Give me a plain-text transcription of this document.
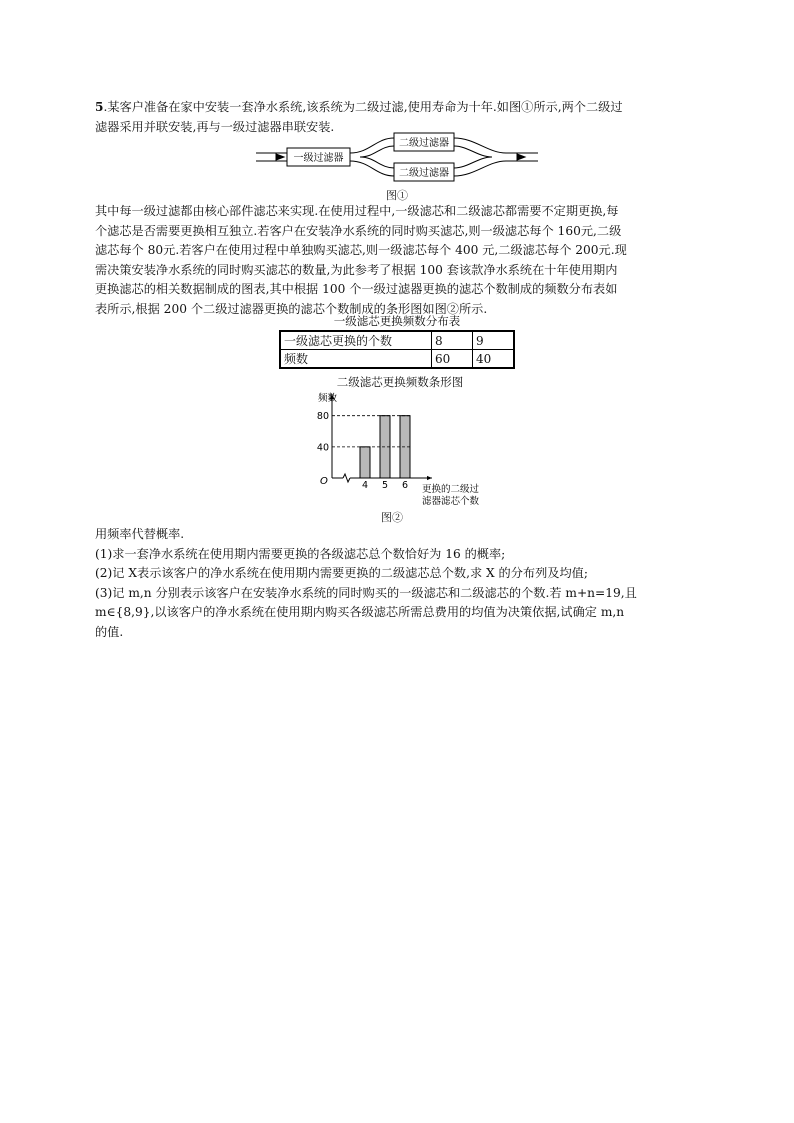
5.某客户准备在家中安装一套净水系统,该系统为二级过滤,使用寿命为十年.如图①所示,两个二级过
滤器采用并联安装,再与一级过滤器串联安装.

一级过滤器
二级过滤器
二级过滤器

图①

其中每一级过滤都由核心部件滤芯来实现.在使用过程中,一级滤芯和二级滤芯都需要不定期更换,每
个滤芯是否需要更换相互独立.若客户在安装净水系统的同时购买滤芯,则一级滤芯每个 160元,二级
滤芯每个 80元.若客户在使用过程中单独购买滤芯,则一级滤芯每个 400 元,二级滤芯每个 200元.现
需决策安装净水系统的同时购买滤芯的数量,为此参考了根据 100 套该款净水系统在十年使用期内
更换滤芯的相关数据制成的图表,其中根据 100 个一级过滤器更换的滤芯个数制成的频数分布表如
表所示,根据 200 个二级过滤器更换的滤芯个数制成的条形图如图②所示.

一级滤芯更换频数分布表

一级滤芯更换的个数	8	9
频数	60	40

二级滤芯更换频数条形图

频数
O
更换的二级过
滤器滤芯个数
4 5 6
40
80

图②

用频率代替概率.
(1)求一套净水系统在使用期内需要更换的各级滤芯总个数恰好为 16 的概率;
(2)记 X表示该客户的净水系统在使用期内需要更换的二级滤芯总个数,求 X 的分布列及均值;
(3)记 m,n 分别表示该客户在安装净水系统的同时购买的一级滤芯和二级滤芯的个数.若 m+n=19,且
m∈{8,9},以该客户的净水系统在使用期内购买各级滤芯所需总费用的均值为决策依据,试确定 m,n
的值.
